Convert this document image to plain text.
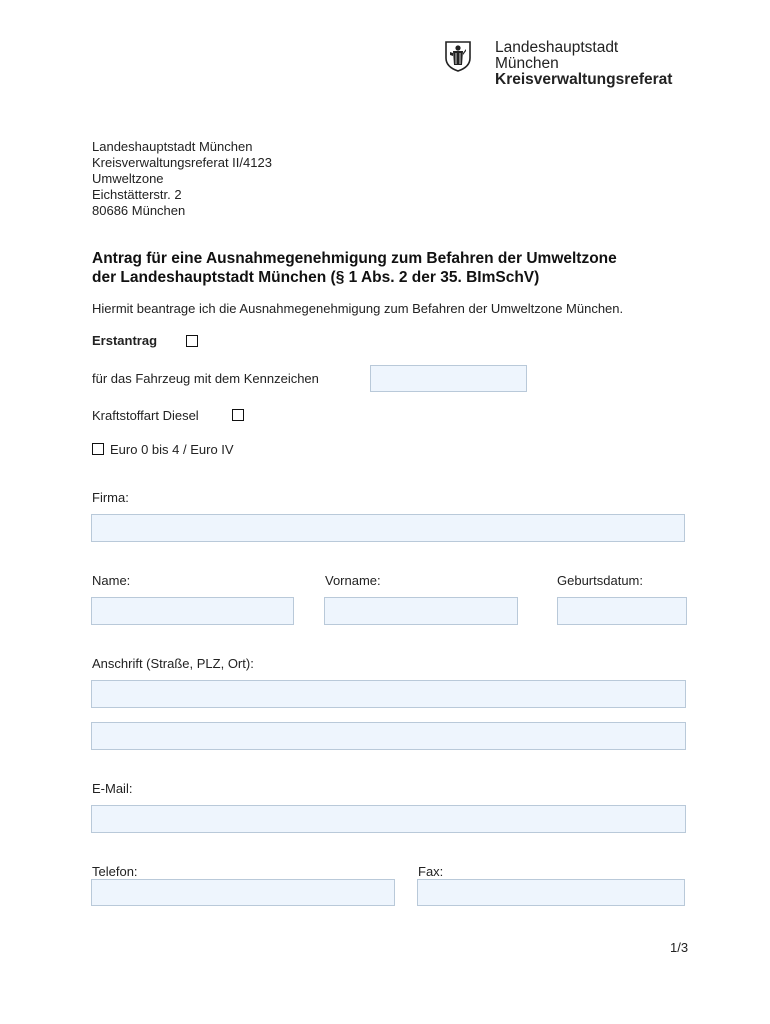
Landeshauptstadt
München
Kreisverwaltungsreferat
Landeshauptstadt München
Kreisverwaltungsreferat II/4123
Umweltzone
Eichstätterstr. 2
80686 München
Antrag für eine Ausnahmegenehmigung zum Befahren der Umweltzone
der Landeshauptstadt München (§ 1 Abs. 2 der 35. BImSchV)
Hiermit beantrage ich die Ausnahmegenehmigung zum Befahren der Umweltzone München.
Erstantrag
für das Fahrzeug mit dem Kennzeichen
Kraftstoffart Diesel
Euro 0 bis 4 / Euro IV
Firma:
Name:	Vorname:	Geburtsdatum:
Anschrift (Straße, PLZ, Ort):
E-Mail:
Telefon:	Fax:
1/3
